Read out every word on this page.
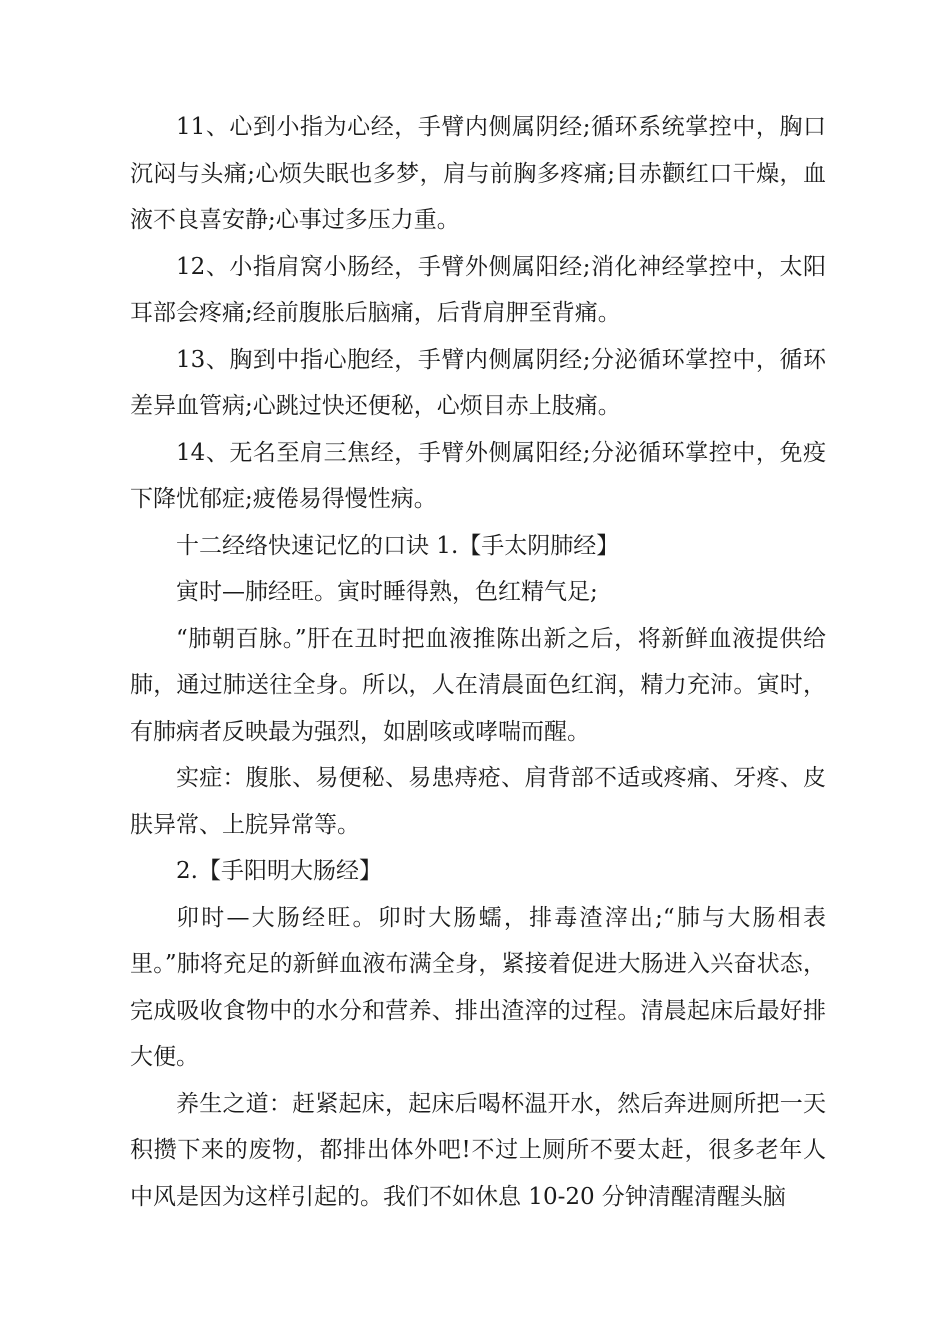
11、心到小指为心经，手臂内侧属阴经;循环系统掌控中，胸口沉闷与头痛;心烦失眠也多梦，肩与前胸多疼痛;目赤颧红口干燥，血液不良喜安静;心事过多压力重。

12、小指肩窝小肠经，手臂外侧属阳经;消化神经掌控中，太阳耳部会疼痛;经前腹胀后脑痛，后背肩胛至背痛。

13、胸到中指心胞经，手臂内侧属阴经;分泌循环掌控中，循环差异血管病;心跳过快还便秘，心烦目赤上肢痛。

14、无名至肩三焦经，手臂外侧属阳经;分泌循环掌控中，免疫下降忧郁症;疲倦易得慢性病。

十二经络快速记忆的口诀 1.【手太阴肺经】

寅时—肺经旺。寅时睡得熟，色红精气足;

“肺朝百脉。”肝在丑时把血液推陈出新之后，将新鲜血液提供给肺，通过肺送往全身。所以，人在清晨面色红润，精力充沛。寅时，有肺病者反映最为强烈，如剧咳或哮喘而醒。

实症：腹胀、易便秘、易患痔疮、肩背部不适或疼痛、牙疼、皮肤异常、上脘异常等。

2.【手阳明大肠经】

卯时—大肠经旺。卯时大肠蠕，排毒渣滓出;“肺与大肠相表里。”肺将充足的新鲜血液布满全身，紧接着促进大肠进入兴奋状态，完成吸收食物中的水分和营养、排出渣滓的过程。清晨起床后最好排大便。

养生之道：赶紧起床，起床后喝杯温开水，然后奔进厕所把一天积攒下来的废物，都排出体外吧!不过上厕所不要太赶，很多老年人中风是因为这样引起的。我们不如休息 10-20 分钟清醒清醒头脑
